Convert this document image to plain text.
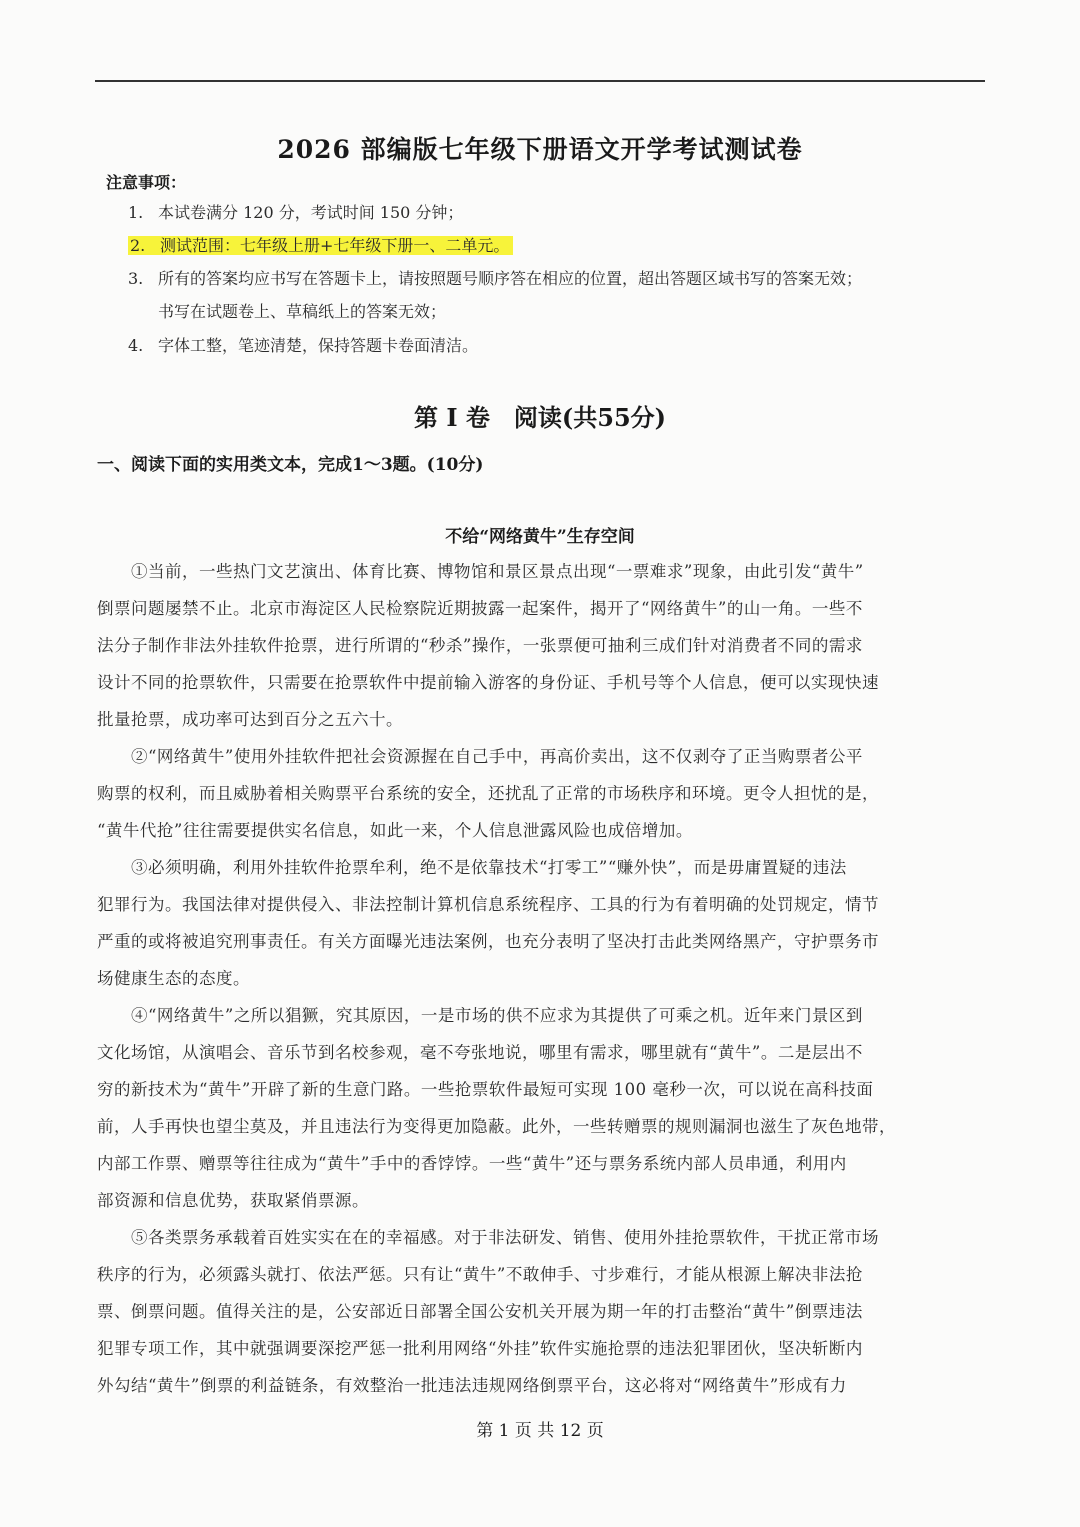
2026 部编版七年级下册语文开学考试测试卷
注意事项：
1. 本试卷满分 120 分，考试时间 150 分钟；
2. 测试范围：七年级上册+七年级下册一、二单元。
3. 所有的答案均应书写在答题卡上，请按照题号顺序答在相应的位置，超出答题区域书写的答案无效；
书写在试题卷上、草稿纸上的答案无效；
4. 字体工整，笔迹清楚，保持答题卡卷面清洁。
第 Ⅰ 卷　阅读(共55分)
一、阅读下面的实用类文本，完成1～3题。(10分)
不给“网络黄牛”生存空间
　　①当前，一些热门文艺演出、体育比赛、博物馆和景区景点出现“一票难求”现象，由此引发“黄牛”
倒票问题屡禁不止。北京市海淀区人民检察院近期披露一起案件，揭开了“网络黄牛”的山一角。一些不
法分子制作非法外挂软件抢票，进行所谓的“秒杀”操作，一张票便可抽利三成们针对消费者不同的需求
设计不同的抢票软件，只需要在抢票软件中提前输入游客的身份证、手机号等个人信息，便可以实现快速
批量抢票，成功率可达到百分之五六十。
　　②“网络黄牛”使用外挂软件把社会资源握在自己手中，再高价卖出，这不仅剥夺了正当购票者公平
购票的权利，而且威胁着相关购票平台系统的安全，还扰乱了正常的市场秩序和环境。更令人担忧的是，
“黄牛代抢”往往需要提供实名信息，如此一来，个人信息泄露风险也成倍增加。
　　③必须明确，利用外挂软件抢票牟利，绝不是依靠技术“打零工”“赚外快”，而是毋庸置疑的违法
犯罪行为。我国法律对提供侵入、非法控制计算机信息系统程序、工具的行为有着明确的处罚规定，情节
严重的或将被追究刑事责任。有关方面曝光违法案例，也充分表明了坚决打击此类网络黑产，守护票务市
场健康生态的态度。
　　④“网络黄牛”之所以猖獗，究其原因，一是市场的供不应求为其提供了可乘之机。近年来门景区到
文化场馆，从演唱会、音乐节到名校参观，毫不夸张地说，哪里有需求，哪里就有“黄牛”。二是层出不
穷的新技术为“黄牛”开辟了新的生意门路。一些抢票软件最短可实现 100 毫秒一次，可以说在高科技面
前，人手再快也望尘莫及，并且违法行为变得更加隐蔽。此外，一些转赠票的规则漏洞也滋生了灰色地带，
内部工作票、赠票等往往成为“黄牛”手中的香饽饽。一些“黄牛”还与票务系统内部人员串通，利用内
部资源和信息优势，获取紧俏票源。
　　⑤各类票务承载着百姓实实在在的幸福感。对于非法研发、销售、使用外挂抢票软件，干扰正常市场
秩序的行为，必须露头就打、依法严惩。只有让“黄牛”不敢伸手、寸步难行，才能从根源上解决非法抢
票、倒票问题。值得关注的是，公安部近日部署全国公安机关开展为期一年的打击整治“黄牛”倒票违法
犯罪专项工作，其中就强调要深挖严惩一批利用网络“外挂”软件实施抢票的违法犯罪团伙，坚决斩断内
外勾结“黄牛”倒票的利益链条，有效整治一批违法违规网络倒票平台，这必将对“网络黄牛”形成有力
第 1 页 共 12 页
